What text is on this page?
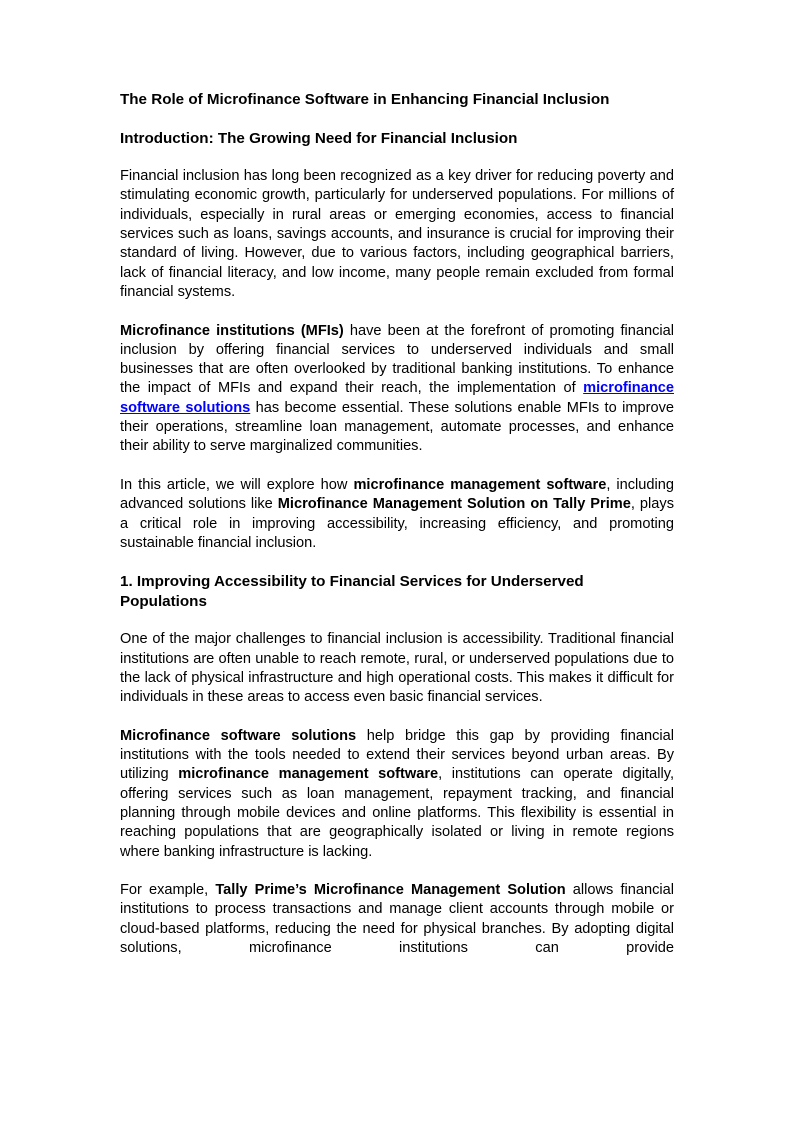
The Role of Microfinance Software in Enhancing Financial Inclusion
Introduction: The Growing Need for Financial Inclusion

Financial inclusion has long been recognized as a key driver for reducing poverty and stimulating economic growth, particularly for underserved populations. For millions of individuals, especially in rural areas or emerging economies, access to financial services such as loans, savings accounts, and insurance is crucial for improving their standard of living. However, due to various factors, including geographical barriers, lack of financial literacy, and low income, many people remain excluded from formal financial systems.

Microfinance institutions (MFIs) have been at the forefront of promoting financial inclusion by offering financial services to underserved individuals and small businesses that are often overlooked by traditional banking institutions. To enhance the impact of MFIs and expand their reach, the implementation of microfinance software solutions has become essential. These solutions enable MFIs to improve their operations, streamline loan management, automate processes, and enhance their ability to serve marginalized communities.

In this article, we will explore how microfinance management software, including advanced solutions like Microfinance Management Solution on Tally Prime, plays a critical role in improving accessibility, increasing efficiency, and promoting sustainable financial inclusion.

1. Improving Accessibility to Financial Services for Underserved Populations

One of the major challenges to financial inclusion is accessibility. Traditional financial institutions are often unable to reach remote, rural, or underserved populations due to the lack of physical infrastructure and high operational costs. This makes it difficult for individuals in these areas to access even basic financial services.

Microfinance software solutions help bridge this gap by providing financial institutions with the tools needed to extend their services beyond urban areas. By utilizing microfinance management software, institutions can operate digitally, offering services such as loan management, repayment tracking, and financial planning through mobile devices and online platforms. This flexibility is essential in reaching populations that are geographically isolated or living in remote regions where banking infrastructure is lacking.

For example, Tally Prime’s Microfinance Management Solution allows financial institutions to process transactions and manage client accounts through mobile or cloud-based platforms, reducing the need for physical branches. By adopting digital solutions, microfinance institutions can provide
